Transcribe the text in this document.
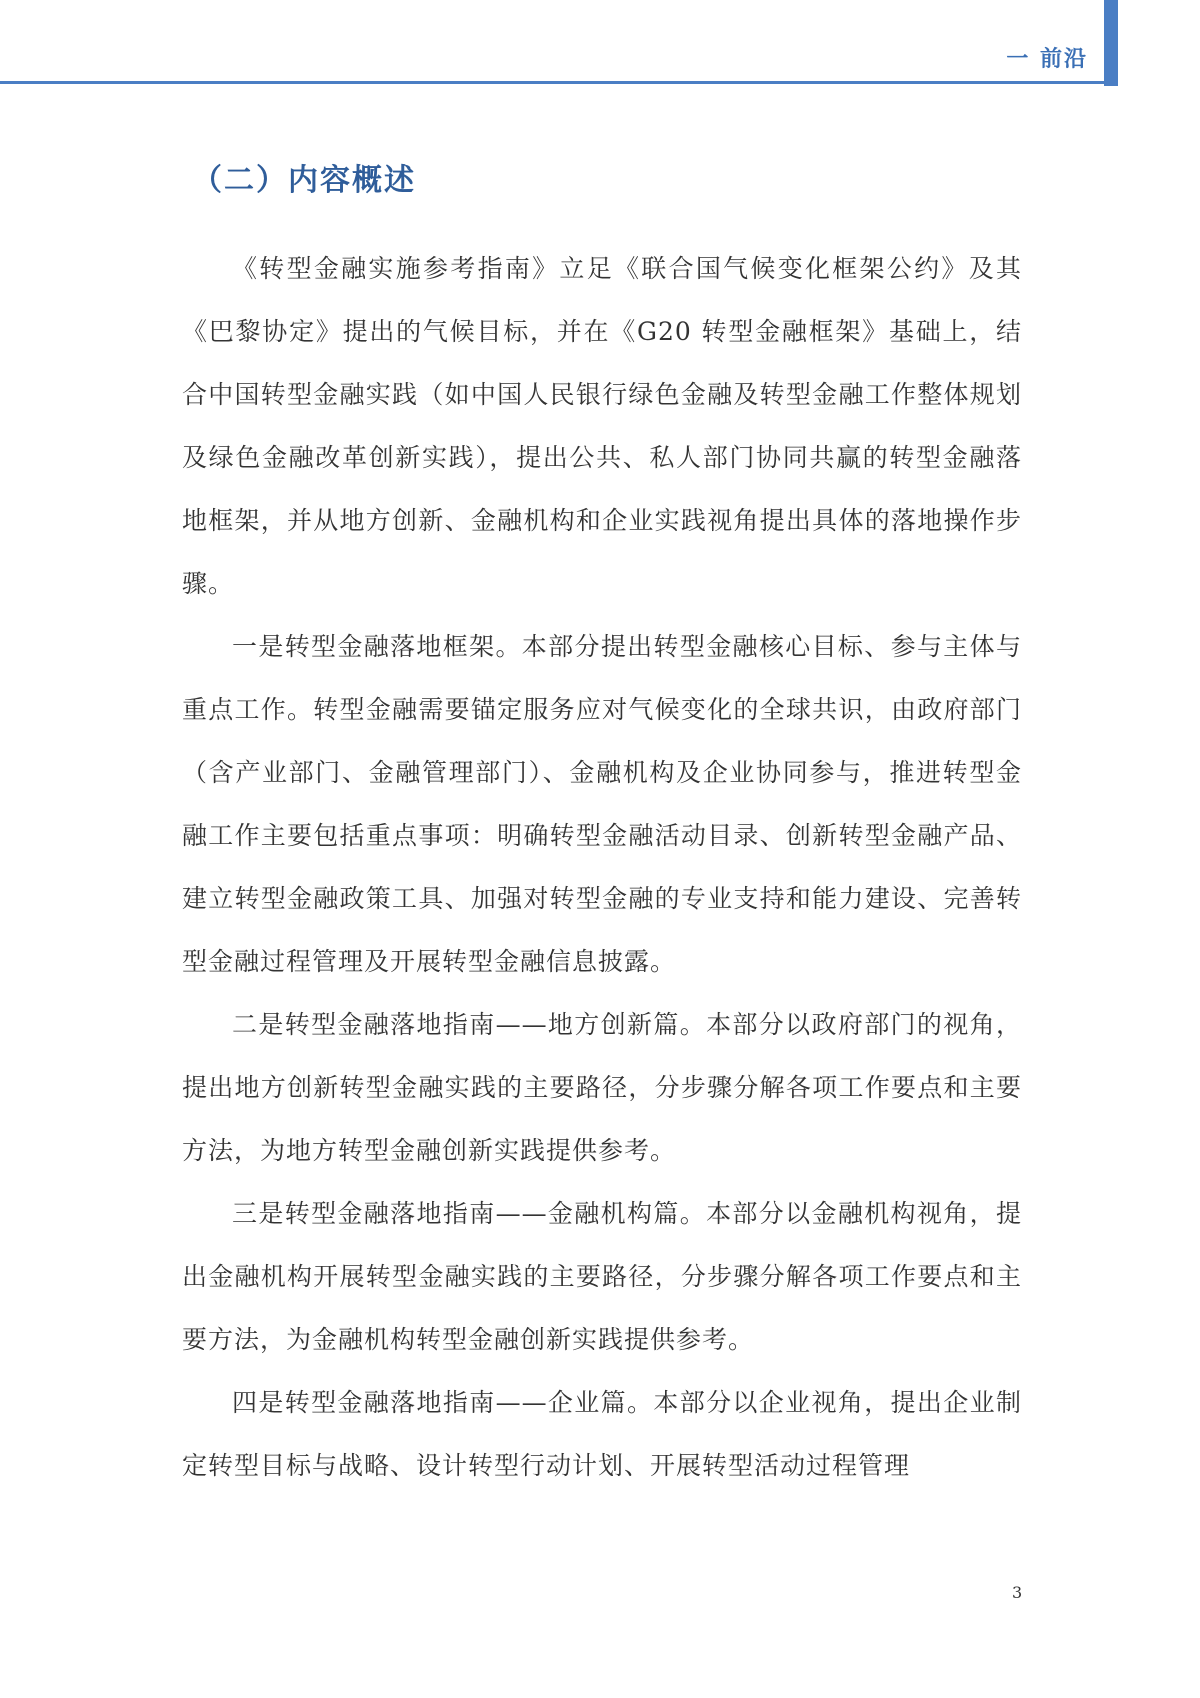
一 前沿
（二）内容概述

《转型金融实施参考指南》立足《联合国气候变化框架公约》及其《巴黎协定》提出的气候目标，并在《G20 转型金融框架》基础上，结合中国转型金融实践（如中国人民银行绿色金融及转型金融工作整体规划及绿色金融改革创新实践），提出公共、私人部门协同共赢的转型金融落地框架，并从地方创新、金融机构和企业实践视角提出具体的落地操作步骤。

一是转型金融落地框架。本部分提出转型金融核心目标、参与主体与重点工作。转型金融需要锚定服务应对气候变化的全球共识，由政府部门（含产业部门、金融管理部门）、金融机构及企业协同参与，推进转型金融工作主要包括重点事项：明确转型金融活动目录、创新转型金融产品、建立转型金融政策工具、加强对转型金融的专业支持和能力建设、完善转型金融过程管理及开展转型金融信息披露。

二是转型金融落地指南——地方创新篇。本部分以政府部门的视角，提出地方创新转型金融实践的主要路径，分步骤分解各项工作要点和主要方法，为地方转型金融创新实践提供参考。

三是转型金融落地指南——金融机构篇。本部分以金融机构视角，提出金融机构开展转型金融实践的主要路径，分步骤分解各项工作要点和主要方法，为金融机构转型金融创新实践提供参考。

四是转型金融落地指南——企业篇。本部分以企业视角，提出企业制定转型目标与战略、设计转型行动计划、开展转型活动过程管理

3
